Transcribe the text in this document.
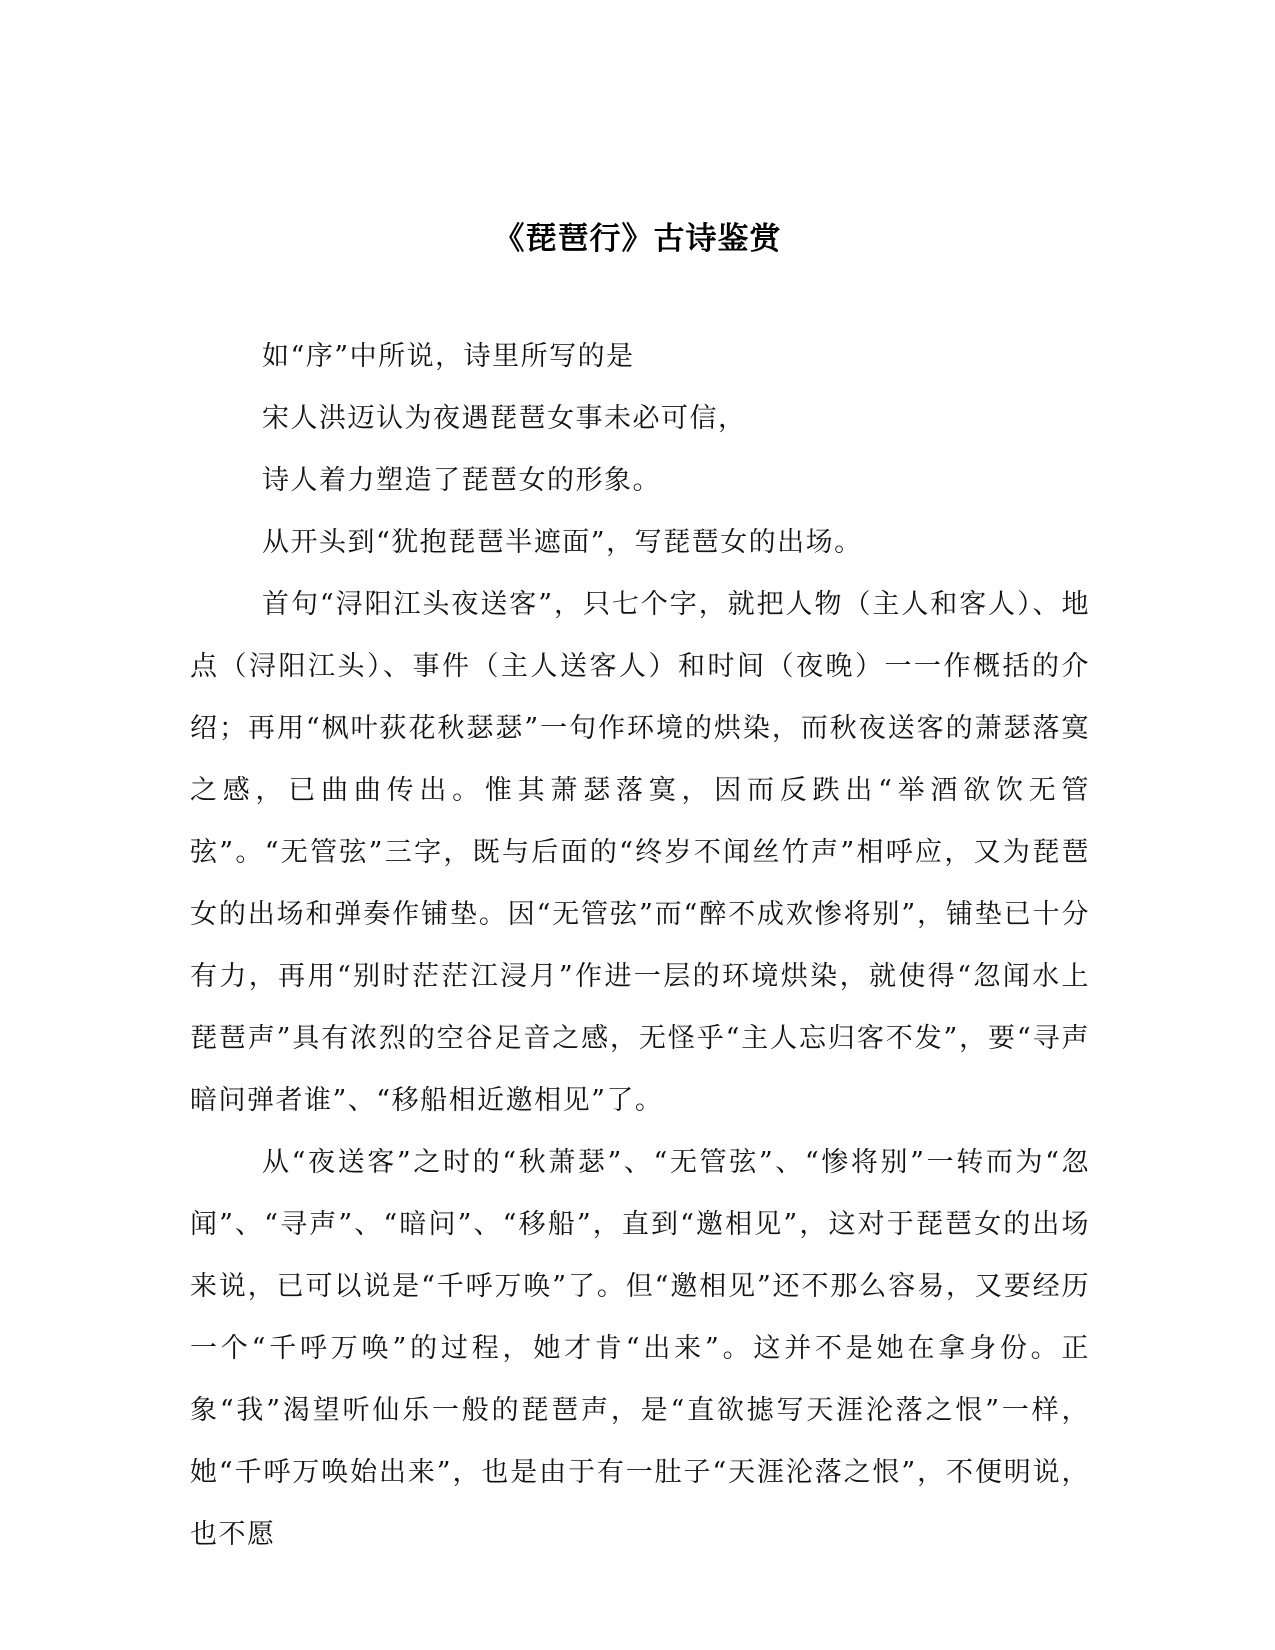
《琵琶行》古诗鉴赏

如“序”中所说，诗里所写的是

宋人洪迈认为夜遇琵琶女事未必可信，

诗人着力塑造了琵琶女的形象。

从开头到“犹抱琵琶半遮面”，写琵琶女的出场。

首句“浔阳江头夜送客”，只七个字，就把人物（主人和客人）、地点（浔阳江头）、事件（主人送客人）和时间（夜晚）一一作概括的介绍；再用“枫叶荻花秋瑟瑟”一句作环境的烘染，而秋夜送客的萧瑟落寞之感，已曲曲传出。惟其萧瑟落寞，因而反跌出“举酒欲饮无管弦”。“无管弦”三字，既与后面的“终岁不闻丝竹声”相呼应，又为琵琶女的出场和弹奏作铺垫。因“无管弦”而“醉不成欢惨将别”，铺垫已十分有力，再用“别时茫茫江浸月”作进一层的环境烘染，就使得“忽闻水上琵琶声”具有浓烈的空谷足音之感，无怪乎“主人忘归客不发”，要“寻声暗问弹者谁”、“移船相近邀相见”了。

从“夜送客”之时的“秋萧瑟”、“无管弦”、“惨将别”一转而为“忽闻”、“寻声”、“暗问”、“移船”，直到“邀相见”，这对于琵琶女的出场来说，已可以说是“千呼万唤”了。但“邀相见”还不那么容易，又要经历一个“千呼万唤”的过程，她才肯“出来”。这并不是她在拿身份。正象“我”渴望听仙乐一般的琵琶声，是“直欲摅写天涯沦落之恨”一样，她“千呼万唤始出来”，也是由于有一肚子“天涯沦落之恨”，不便明说，也不愿
